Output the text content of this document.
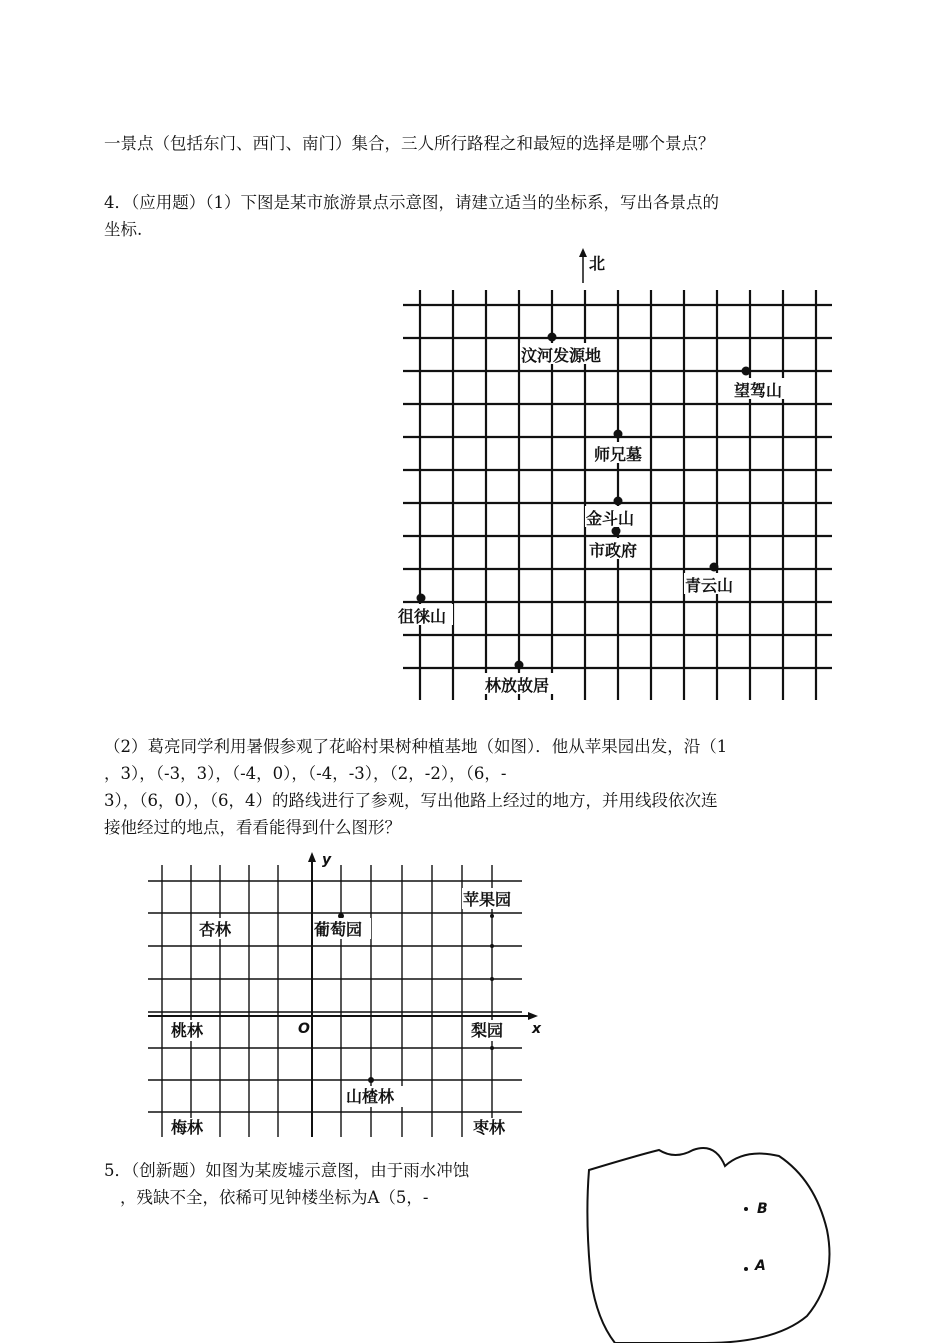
一景点（包括东门、西门、南门）集合，三人所行路程之和最短的选择是哪个景点？
4．（应用题）（1）下图是某市旅游景点示意图，请建立适当的坐标系，写出各景点的
坐标.
北
汶河发源地
望驾山
师兄墓
金斗山
市政府
青云山
徂徕山
林放故居
（2）葛亮同学利用暑假参观了花峪村果树种植基地（如图）．他从苹果园出发，沿（1
，3），（-3，3），（-4，0），（-4，-3），（2，-2），（6，-
3），（6，0），（6，4）的路线进行了参观，写出他路上经过的地方，并用线段依次连
接他经过的地点，看看能得到什么图形？
y
x
O
苹果园
杏林	葡萄园
桃林	梨园
山楂林
梅林	枣林
5．（创新题）如图为某废墟示意图，由于雨水冲蚀
，残缺不全，依稀可见钟楼坐标为A（5，-
B
A
